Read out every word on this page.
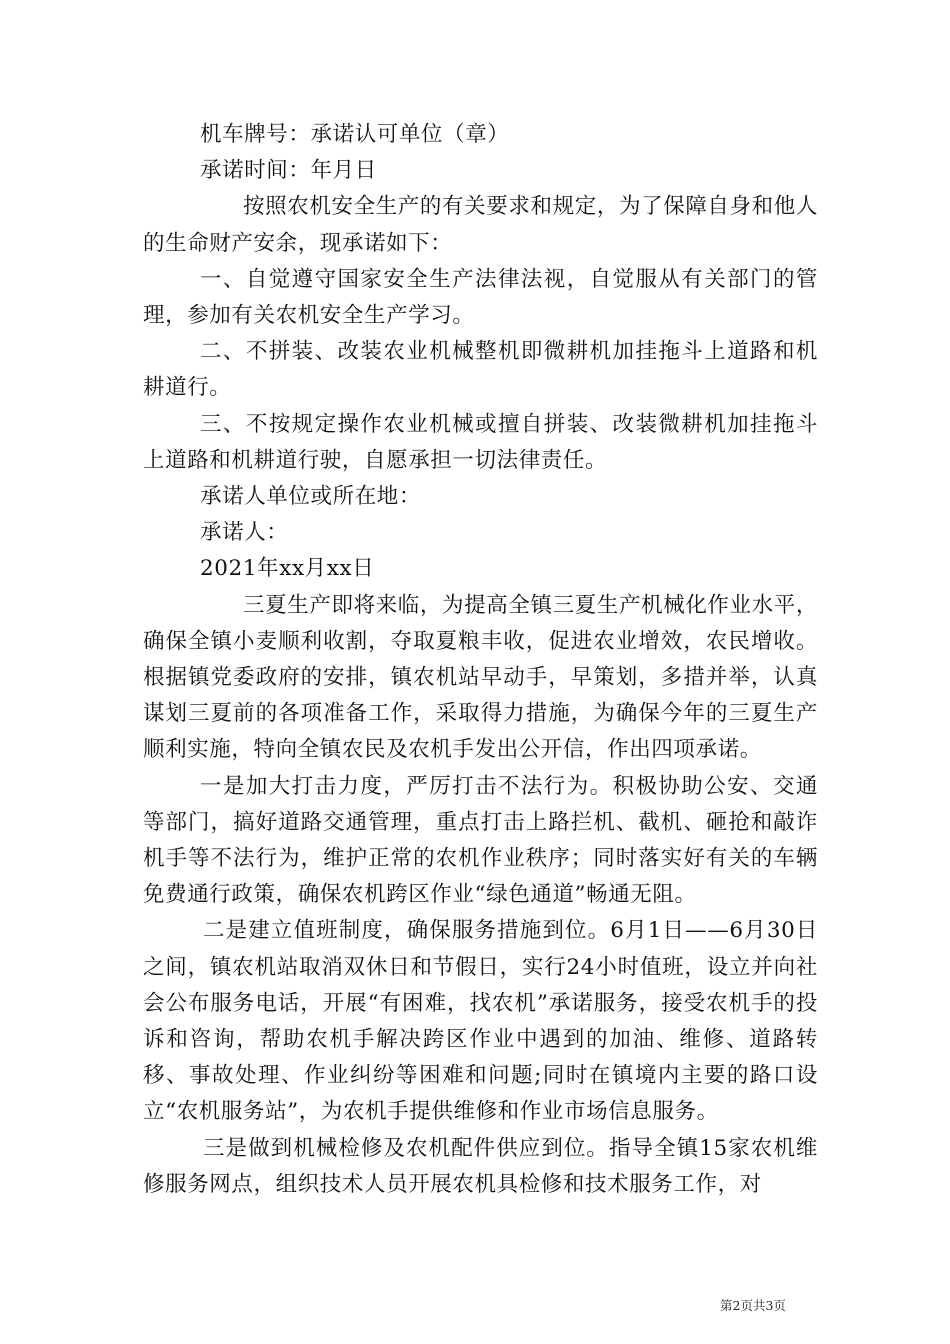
机车牌号：承诺认可单位（章）

承诺时间：年月日

按照农机安全生产的有关要求和规定，为了保障自身和他人的生命财产安余，现承诺如下：

一、自觉遵守国家安全生产法律法视，自觉服从有关部门的管理，参加有关农机安全生产学习。

二、不拼装、改装农业机械整机即微耕机加挂拖斗上道路和机耕道行。

三、不按规定操作农业机械或擅自拼装、改装微耕机加挂拖斗上道路和机耕道行驶，自愿承担一切法律责任。

承诺人单位或所在地：

承诺人：

2021年xx月xx日

三夏生产即将来临，为提高全镇三夏生产机械化作业水平，确保全镇小麦顺利收割，夺取夏粮丰收，促进农业增效，农民增收。根据镇党委政府的安排，镇农机站早动手，早策划，多措并举，认真谋划三夏前的各项准备工作，采取得力措施，为确保今年的三夏生产顺利实施，特向全镇农民及农机手发出公开信，作出四项承诺。

一是加大打击力度，严厉打击不法行为。积极协助公安、交通等部门，搞好道路交通管理，重点打击上路拦机、截机、砸抢和敲诈机手等不法行为，维护正常的农机作业秩序；同时落实好有关的车辆免费通行政策，确保农机跨区作业“绿色通道”畅通无阻。

二是建立值班制度，确保服务措施到位。6月1日——6月30日之间，镇农机站取消双休日和节假日，实行24小时值班，设立并向社会公布服务电话，开展“有困难，找农机”承诺服务，接受农机手的投诉和咨询，帮助农机手解决跨区作业中遇到的加油、维修、道路转移、事故处理、作业纠纷等困难和问题;同时在镇境内主要的路口设立“农机服务站”，为农机手提供维修和作业市场信息服务。

三是做到机械检修及农机配件供应到位。指导全镇15家农机维修服务网点，组织技术人员开展农机具检修和技术服务工作，对

第2页共3页
